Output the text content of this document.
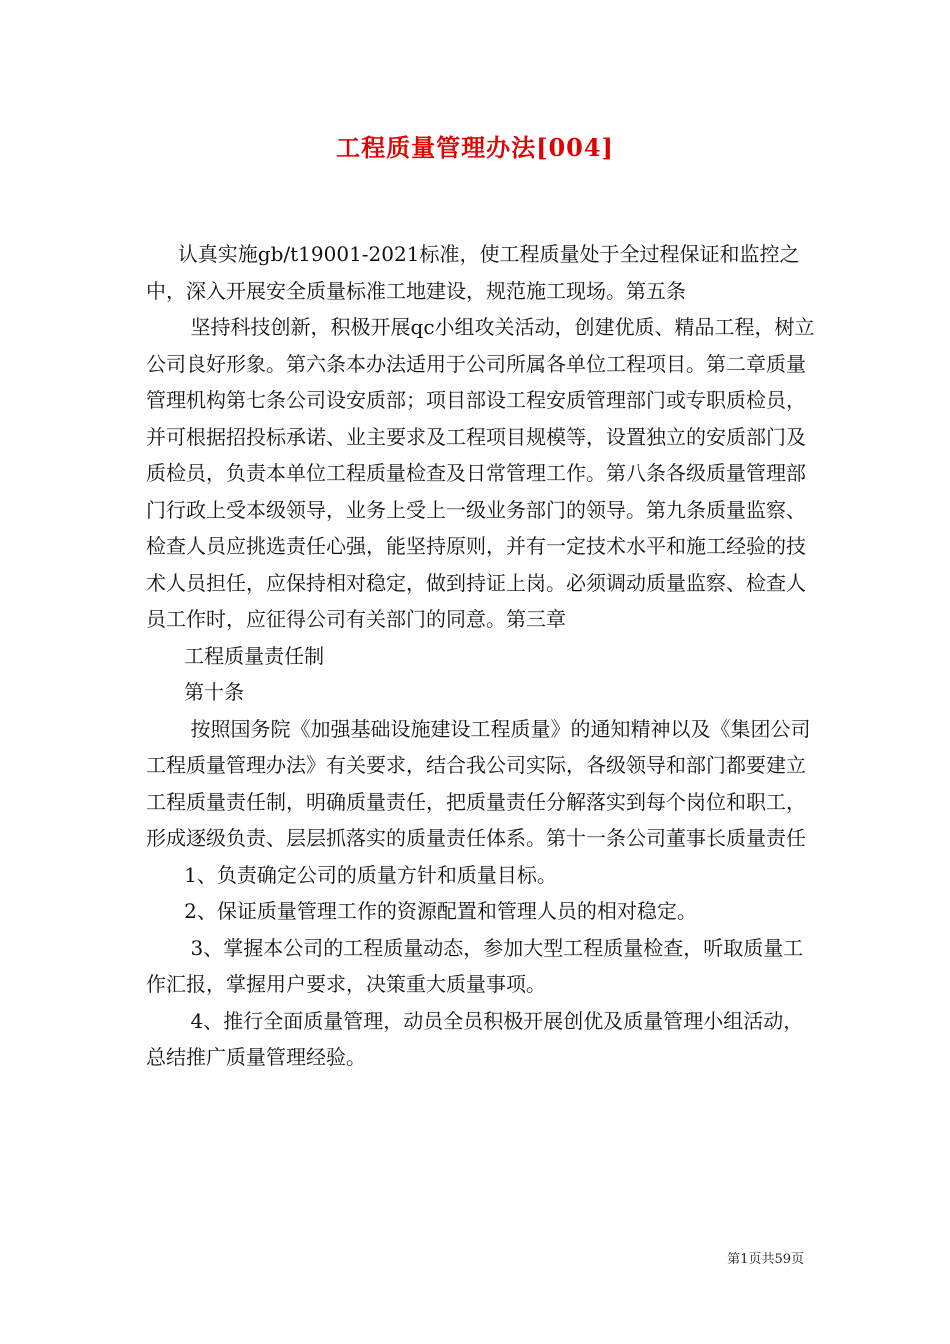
工程质量管理办法[004]

认真实施gb/t19001-2021标准，使工程质量处于全过程保证和监控之中，深入开展安全质量标准工地建设，规范施工现场。第五条

坚持科技创新，积极开展qc小组攻关活动，创建优质、精品工程，树立公司良好形象。第六条本办法适用于公司所属各单位工程项目。第二章质量管理机构第七条公司设安质部；项目部设工程安质管理部门或专职质检员，并可根据招投标承诺、业主要求及工程项目规模等，设置独立的安质部门及质检员，负责本单位工程质量检查及日常管理工作。第八条各级质量管理部门行政上受本级领导，业务上受上一级业务部门的领导。第九条质量监察、检查人员应挑选责任心强，能坚持原则，并有一定技术水平和施工经验的技术人员担任，应保持相对稳定，做到持证上岗。必须调动质量监察、检查人员工作时，应征得公司有关部门的同意。第三章

工程质量责任制

第十条

按照国务院《加强基础设施建设工程质量》的通知精神以及《集团公司工程质量管理办法》有关要求，结合我公司实际，各级领导和部门都要建立工程质量责任制，明确质量责任，把质量责任分解落实到每个岗位和职工，形成逐级负责、层层抓落实的质量责任体系。第十一条公司董事长质量责任

1、负责确定公司的质量方针和质量目标。

2、保证质量管理工作的资源配置和管理人员的相对稳定。

3、掌握本公司的工程质量动态，参加大型工程质量检查，听取质量工作汇报，掌握用户要求，决策重大质量事项。

4、推行全面质量管理，动员全员积极开展创优及质量管理小组活动，总结推广质量管理经验。

第1页共59页
